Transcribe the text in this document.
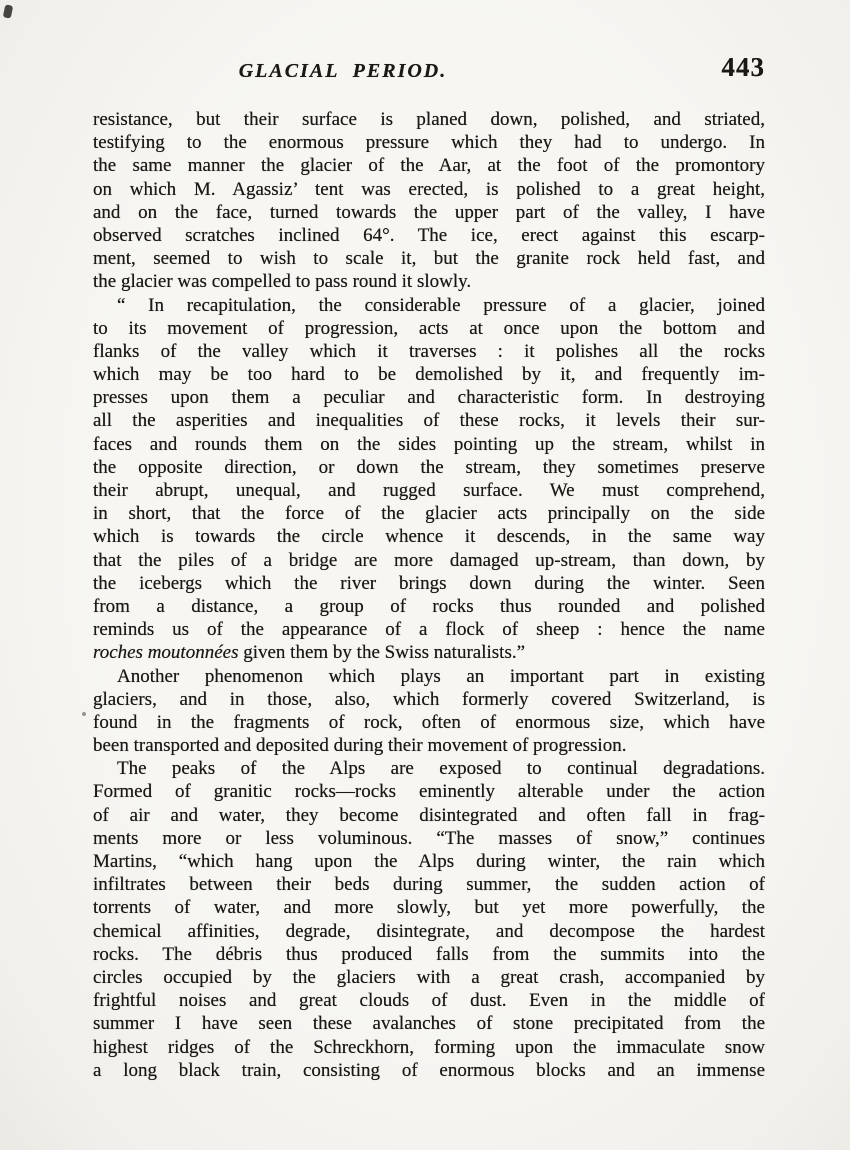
GLACIAL PERIOD.	443
resistance, but their surface is planed down, polished, and striated,
testifying to the enormous pressure which they had to undergo. In
the same manner the glacier of the Aar, at the foot of the promontory
on which M. Agassiz’ tent was erected, is polished to a great height,
and on the face, turned towards the upper part of the valley, I have
observed scratches inclined 64°. The ice, erect against this escarp-
ment, seemed to wish to scale it, but the granite rock held fast, and
the glacier was compelled to pass round it slowly.
“ In recapitulation, the considerable pressure of a glacier, joined
to its movement of progression, acts at once upon the bottom and
flanks of the valley which it traverses : it polishes all the rocks
which may be too hard to be demolished by it, and frequently im-
presses upon them a peculiar and characteristic form. In destroying
all the asperities and inequalities of these rocks, it levels their sur-
faces and rounds them on the sides pointing up the stream, whilst in
the opposite direction, or down the stream, they sometimes preserve
their abrupt, unequal, and rugged surface. We must comprehend,
in short, that the force of the glacier acts principally on the side
which is towards the circle whence it descends, in the same way
that the piles of a bridge are more damaged up-stream, than down, by
the icebergs which the river brings down during the winter. Seen
from a distance, a group of rocks thus rounded and polished
reminds us of the appearance of a flock of sheep : hence the name
roches moutonnées given them by the Swiss naturalists.”
Another phenomenon which plays an important part in existing
glaciers, and in those, also, which formerly covered Switzerland, is
found in the fragments of rock, often of enormous size, which have
been transported and deposited during their movement of progression.
The peaks of the Alps are exposed to continual degradations.
Formed of granitic rocks—rocks eminently alterable under the action
of air and water, they become disintegrated and often fall in frag-
ments more or less voluminous. “The masses of snow,” continues
Martins, “which hang upon the Alps during winter, the rain which
infiltrates between their beds during summer, the sudden action of
torrents of water, and more slowly, but yet more powerfully, the
chemical affinities, degrade, disintegrate, and decompose the hardest
rocks. The débris thus produced falls from the summits into the
circles occupied by the glaciers with a great crash, accompanied by
frightful noises and great clouds of dust. Even in the middle of
summer I have seen these avalanches of stone precipitated from the
highest ridges of the Schreckhorn, forming upon the immaculate snow
a long black train, consisting of enormous blocks and an immense
